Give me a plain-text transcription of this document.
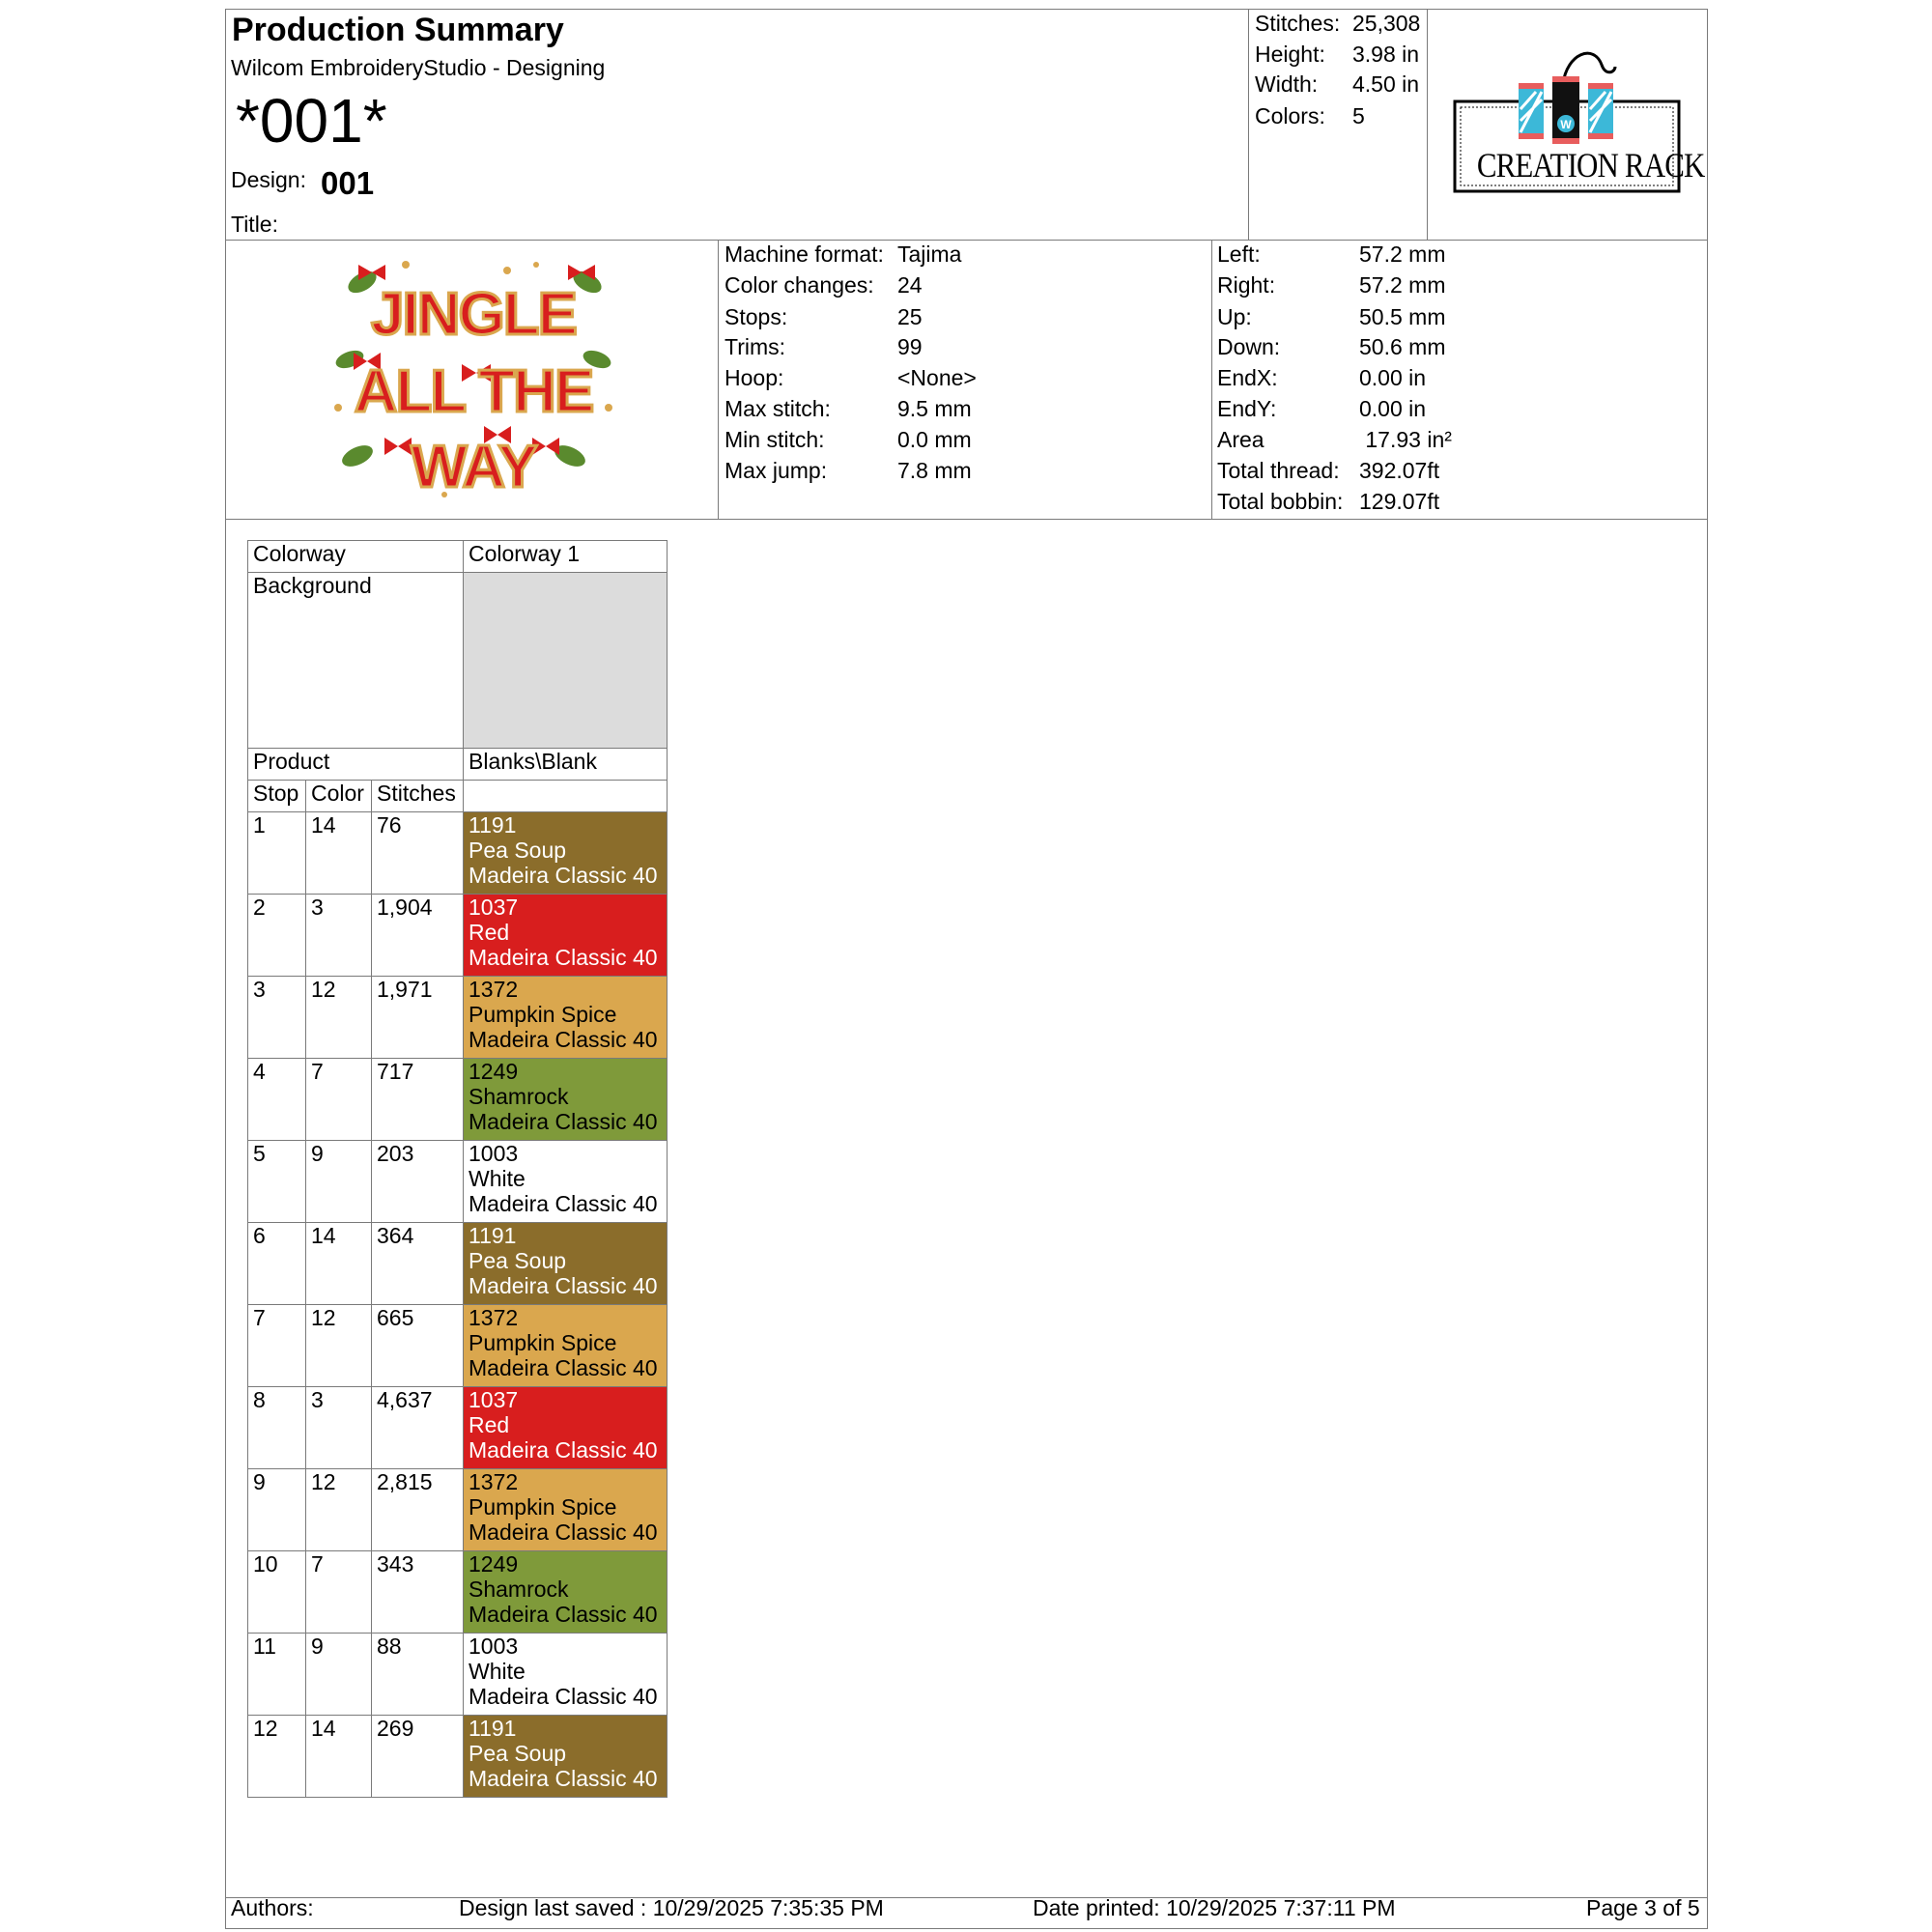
Production Summary
Wilcom EmbroideryStudio - Designing
*001*
Design: 001
Title:
Stitches: 25,308
Height: 3.98 in
Width: 4.50 in
Colors: 5	W
CREATION RACK
JINGLE
ALL THE
WAY
Machine format: Tajima
Color changes: 24
Stops:	25
Trims:	99
Hoop:	<None>
Max stitch:	9.5 mm
Min stitch:	0.0 mm
Max jump:	7.8 mm
Left:	57.2 mm
Right:	57.2 mm
Up:	50.5 mm
Down:	50.6 mm
EndX:	0.00 in
EndY:	0.00 in
Area	17.93 in²
Total thread: 392.07ft
Total bobbin: 129.07ft
Colorway			Colorway 1
Background			
Product			Blanks\Blank
Stop	Color	Stitches	
1	14	76	1191
Pea Soup
Madeira Classic 40

2	3	1,904	1037
Red
Madeira Classic 40

3	12	1,971	1372
Pumpkin Spice
Madeira Classic 40

4	7	717	1249
Shamrock
Madeira Classic 40

5	9	203	1003
White
Madeira Classic 40

6	14	364	1191
Pea Soup
Madeira Classic 40

7	12	665	1372
Pumpkin Spice
Madeira Classic 40

8	3	4,637	1037
Red
Madeira Classic 40

9	12	2,815	1372
Pumpkin Spice
Madeira Classic 40

10	7	343	1249
Shamrock
Madeira Classic 40

11	9	88	1003
White
Madeira Classic 40

12	14	269	1191
Pea Soup
Madeira Classic 40
Authors:	Design last saved : 10/29/2025 7:35:35 PM	Date printed: 10/29/2025 7:37:11 PM	Page 3 of 5
